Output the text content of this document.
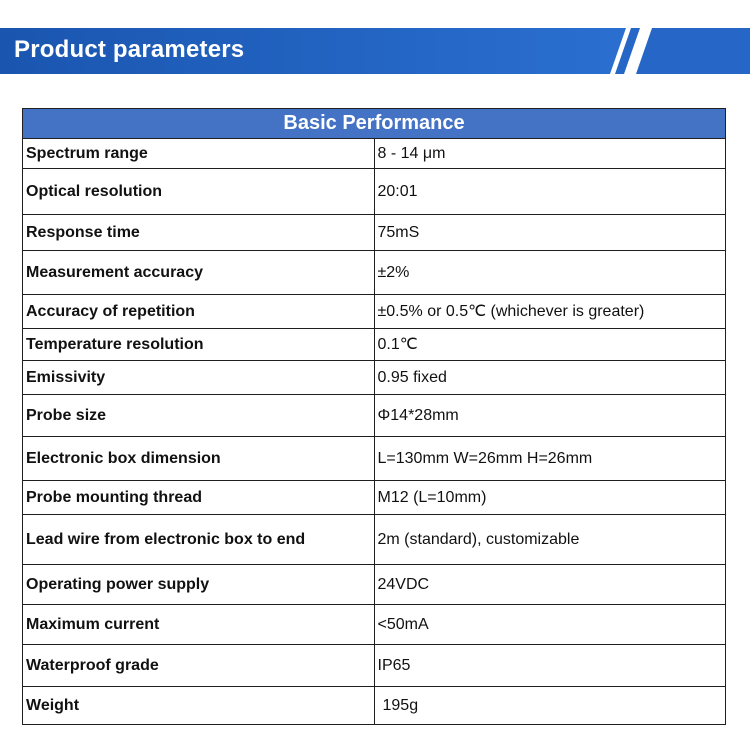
Product parameters
Basic Performance	
Spectrum range	8 - 14 μm
Optical resolution	20:01
Response time	75mS
Measurement accuracy	±2%
Accuracy of repetition	±0.5% or 0.5℃ (whichever is greater)
Temperature resolution	0.1℃
Emissivity	0.95 fixed
Probe size	Φ14*28mm
Electronic box dimension	L=130mm W=26mm H=26mm
Probe mounting thread	M12 (L=10mm)
Lead wire from electronic box to end	2m (standard), customizable
Operating power supply	24VDC
Maximum current	<50mA
Waterproof grade	IP65
Weight	195g
